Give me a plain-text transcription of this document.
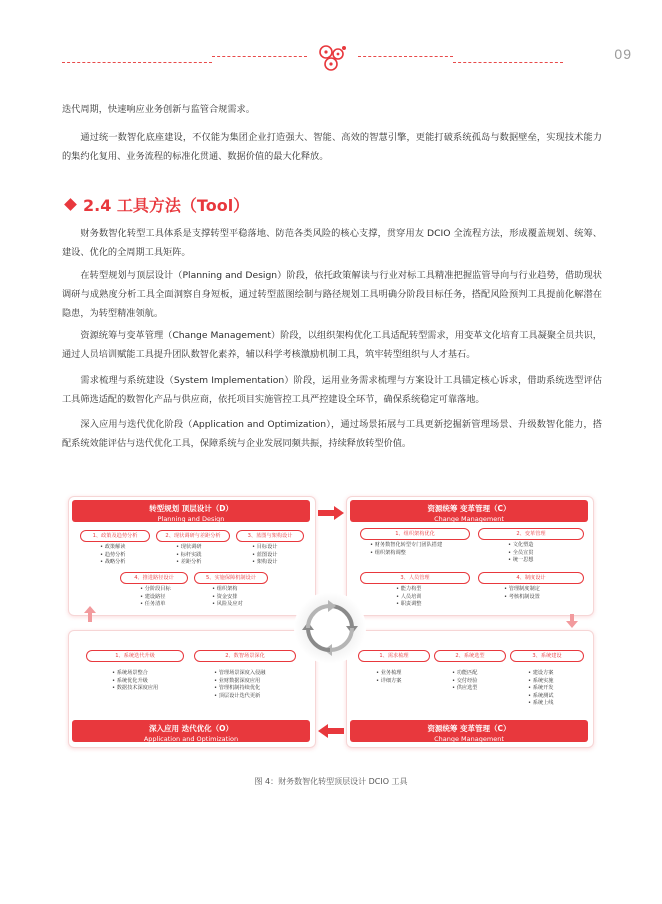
09

迭代周期，快速响应业务创新与监管合规需求。

通过统一数智化底座建设，不仅能为集团企业打造强大、智能、高效的智慧引擎，更能打破系统孤岛与数据壁垒，实现技术能力的集约化复用、业务流程的标准化贯通、数据价值的最大化释放。

2.4 工具方法（Tool）

财务数智化转型工具体系是支撑转型平稳落地、防范各类风险的核心支撑，贯穿用友 DCIO 全流程方法，形成覆盖规划、统筹、建设、优化的全周期工具矩阵。

在转型规划与顶层设计（Planning and Design）阶段，依托政策解读与行业对标工具精准把握监管导向与行业趋势，借助现状调研与成熟度分析工具全面洞察自身短板，通过转型蓝图绘制与路径规划工具明确分阶段目标任务，搭配风险预判工具提前化解潜在隐患，为转型精准领航。

资源统筹与变革管理（Change Management）阶段，以组织架构优化工具适配转型需求，用变革文化培育工具凝聚全员共识，通过人员培训赋能工具提升团队数智化素养，辅以科学考核激励机制工具，筑牢转型组织与人才基石。

需求梳理与系统建设（System Implementation）阶段，运用业务需求梳理与方案设计工具锚定核心诉求，借助系统选型评估工具筛选适配的数智化产品与供应商，依托项目实施管控工具严控建设全环节，确保系统稳定可靠落地。

深入应用与迭代优化阶段（Application and Optimization），通过场景拓展与工具更新挖掘新管理场景、升级数智化能力，搭配系统效能评估与迭代优化工具，保障系统与企业发展同频共振，持续释放转型价值。

转型规划 顶层设计（D）
Planning and Design
1、政策及趋势分析	2、现状调研与差距分析	3、蓝图与架构设计
• 政策解读
• 趋势分析
• 战略分析
• 现状调研
• 标杆实践
• 差距分析
• 目标设计
• 蓝图设计
• 架构设计
4、推进路径设计	5、实施保障机制设计
• 分阶段目标
• 建设路径
• 任务清单
• 组织架构
• 资金安排
• 风险及应对
资源统筹 变革管理（C）
Change Management
1、组织架构优化	2、变革管理
• 财务数智化转型专门团队搭建
• 组织架构调整
• 文化塑造
• 全员宣贯
• 统一思想
3、人员管理	4、制度设计
• 能力构型
• 人员培训
• 职责调整
• 管理制度制定
• 考核机制设置
1、系统迭代升级	2、数智场景深化
• 系统场景整合
• 系统优化升级
• 数据技术深度应用
• 管理场景深度入侵融
• 业财数据深度应用
• 管理机制持续优化
• 顶层设计迭代更新
深入应用 迭代优化（O）
Application and Optimization
1、需求梳理	2、系统选型	3、系统建设
• 业务梳理
• 详细方案
• 功能匹配
• 交付经验
• 供应选型
• 建设方案
• 系统实施
• 系统开发
• 系统测试
• 系统上线
资源统筹 变革管理（C）
Change Management
图 4：财务数智化转型顶层设计 DCIO 工具
